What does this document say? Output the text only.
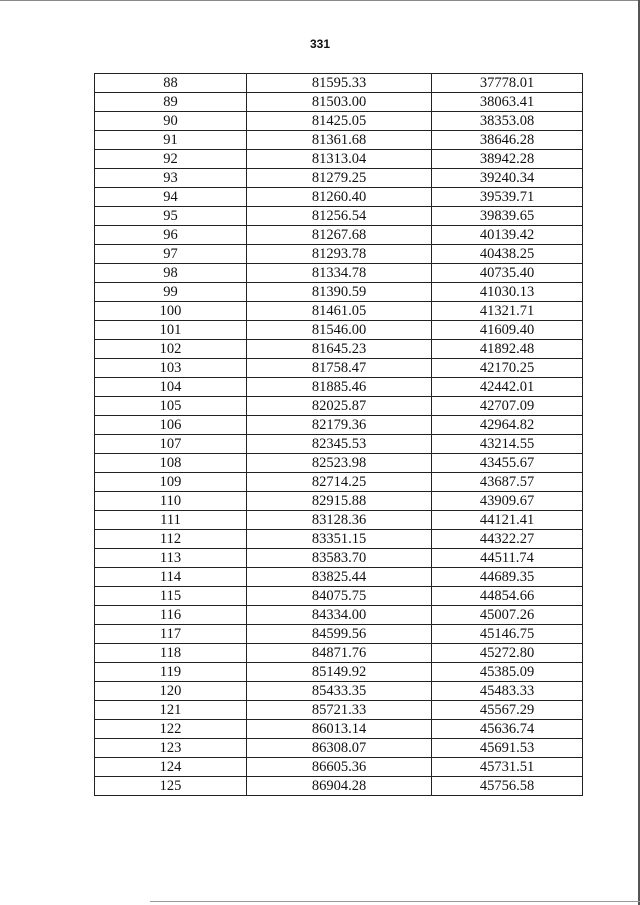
331
88	81595.33	37778.01
89	81503.00	38063.41
90	81425.05	38353.08
91	81361.68	38646.28
92	81313.04	38942.28
93	81279.25	39240.34
94	81260.40	39539.71
95	81256.54	39839.65
96	81267.68	40139.42
97	81293.78	40438.25
98	81334.78	40735.40
99	81390.59	41030.13
100	81461.05	41321.71
101	81546.00	41609.40
102	81645.23	41892.48
103	81758.47	42170.25
104	81885.46	42442.01
105	82025.87	42707.09
106	82179.36	42964.82
107	82345.53	43214.55
108	82523.98	43455.67
109	82714.25	43687.57
110	82915.88	43909.67
111	83128.36	44121.41
112	83351.15	44322.27
113	83583.70	44511.74
114	83825.44	44689.35
115	84075.75	44854.66
116	84334.00	45007.26
117	84599.56	45146.75
118	84871.76	45272.80
119	85149.92	45385.09
120	85433.35	45483.33
121	85721.33	45567.29
122	86013.14	45636.74
123	86308.07	45691.53
124	86605.36	45731.51
125	86904.28	45756.58
